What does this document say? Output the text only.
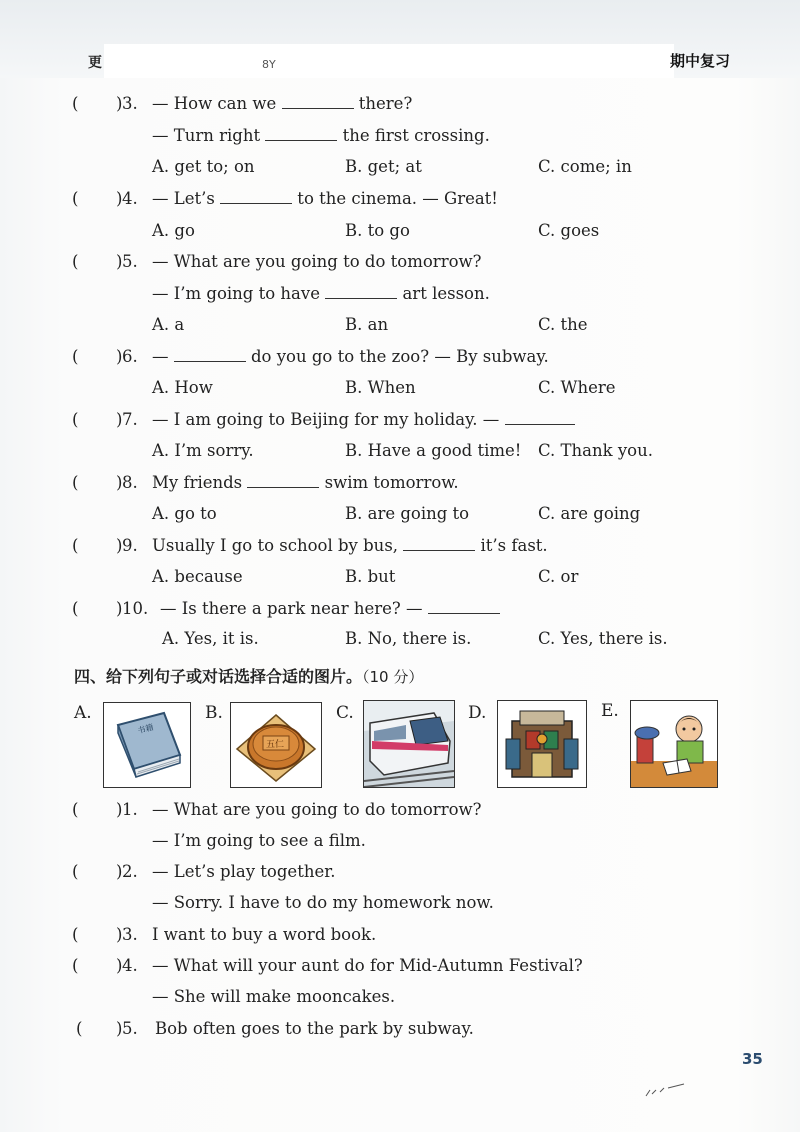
更	8Y	期中复习
( ) 3. — How can we	there?
— Turn right	the first crossing.
A. get to; on	B. get; at	C. come; in
( ) 4. — Let’s	to the cinema. — Great!
A. go	B. to go	C. goes
( ) 5. — What are you going to do tomorrow?
— I’m going to have	art lesson.
A. a	B. an	C. the
( ) 6. —	do you go to the zoo? — By subway.
A. How	B. When	C. Where
( ) 7. — I am going to Beijing for my holiday. —
A. I’m sorry.	B. Have a good time! C. Thank you.
( ) 8. My friends	swim tomorrow.
A. go to	B. are going to	C. are going
( ) 9. Usually I go to school by bus,	it’s fast.
A. because	B. but	C. or
( ) 10. — Is there a park near here? —
A. Yes, it is.	B. No, there is.	C. Yes, there is.
四、给下列句子或对话选择合适的图片。（10 分）
A.
书籍
B.
五仁
C.	D.	E.
( ) 1. — What are you going to do tomorrow?
— I’m going to see a film.
( ) 2. — Let’s play together.
— Sorry. I have to do my homework now.
( ) 3. I want to buy a word book.
( ) 4. — What will your aunt do for Mid-Autumn Festival?
— She will make mooncakes.
( ) 5. Bob often goes to the park by subway.
35
